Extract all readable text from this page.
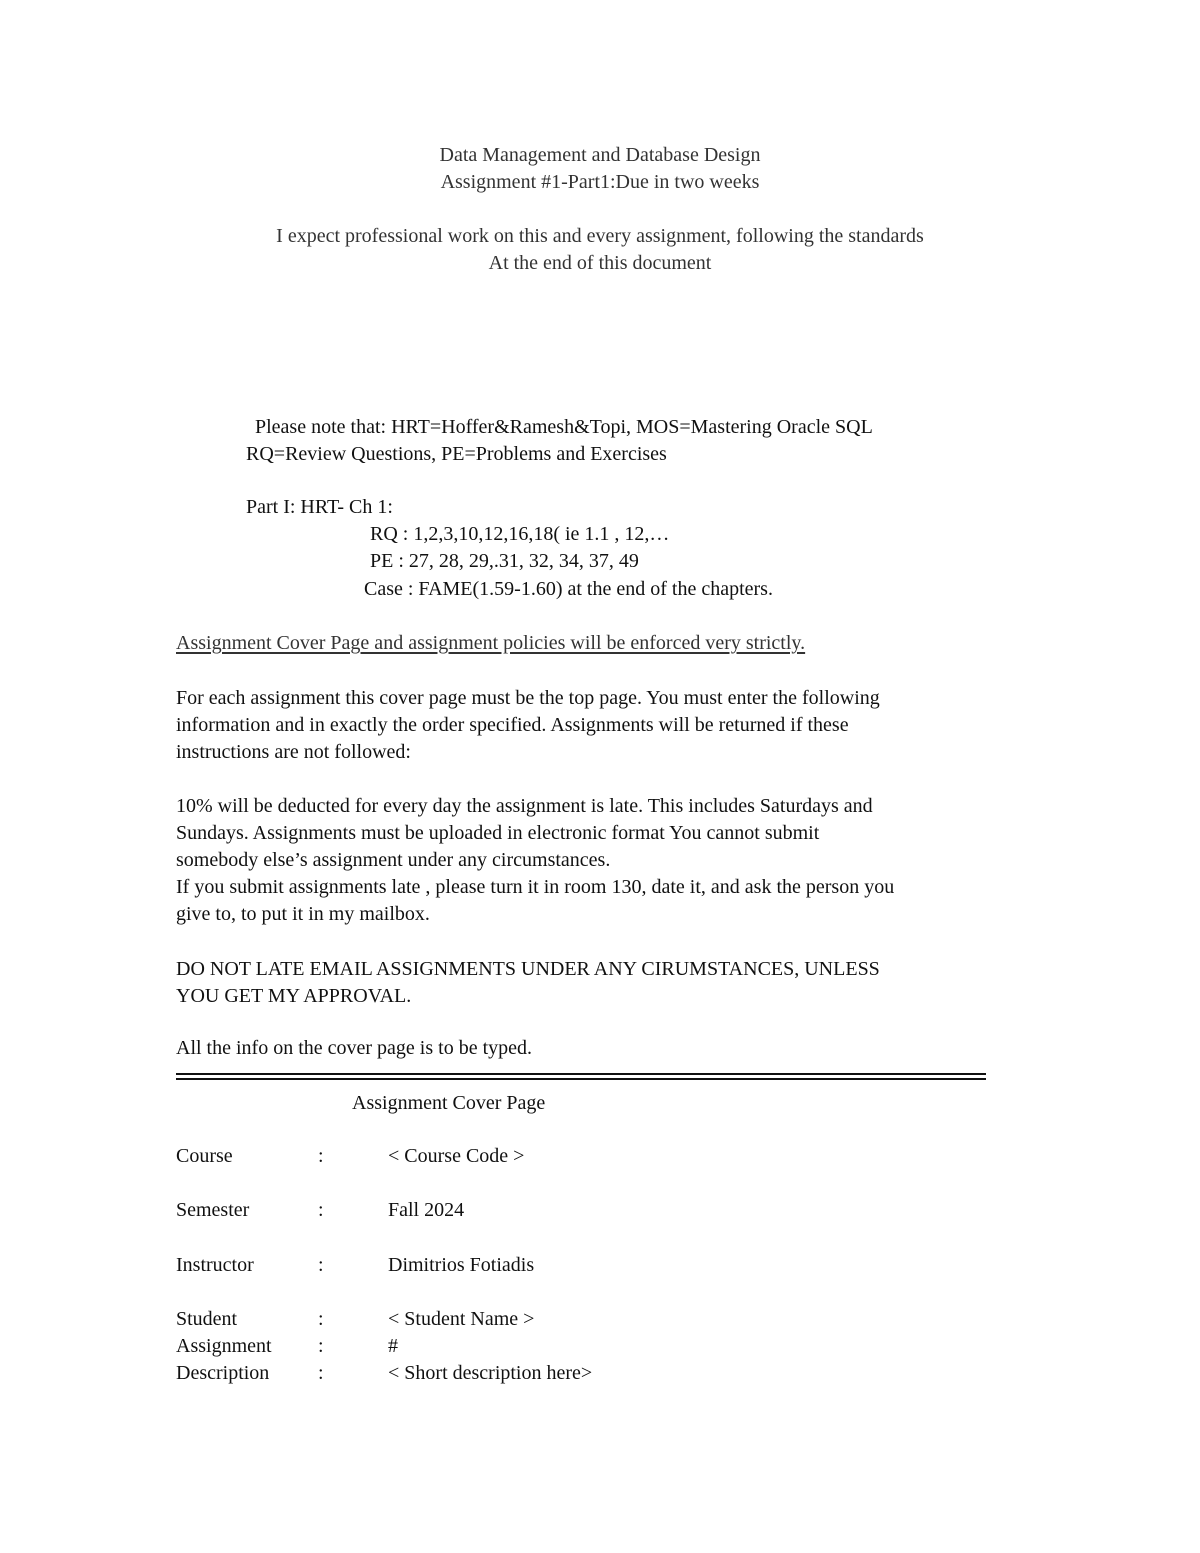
Data Management and Database Design
Assignment #1-Part1:Due in two weeks
I expect professional work on this and every assignment, following the standards
At the end of this document
Please note that: HRT=Hoffer&Ramesh&Topi, MOS=Mastering Oracle SQL
RQ=Review Questions, PE=Problems and Exercises
Part I: HRT- Ch 1:
RQ : 1,2,3,10,12,16,18( ie 1.1 , 12,…
PE : 27, 28, 29,.31, 32, 34, 37, 49
Case : FAME(1.59-1.60) at the end of the chapters.
Assignment Cover Page and assignment policies will be enforced very strictly.
For each assignment this cover page must be the top page. You must enter the following
information and in exactly the order specified. Assignments will be returned if these
instructions are not followed:
10% will be deducted for every day the assignment is late. This includes Saturdays and
Sundays. Assignments must be uploaded in electronic format You cannot submit
somebody else’s assignment under any circumstances.
If you submit assignments late , please turn it in room 130, date it, and ask the person you
give to, to put it in my mailbox.
DO NOT LATE EMAIL ASSIGNMENTS UNDER ANY CIRUMSTANCES, UNLESS
YOU GET MY APPROVAL.
All the info on the cover page is to be typed.
Assignment Cover Page
Course	:	< Course Code >
Semester	:	Fall 2024
Instructor	:	Dimitrios Fotiadis
Student	:	< Student Name >
Assignment :	#
Description :	< Short description here>
